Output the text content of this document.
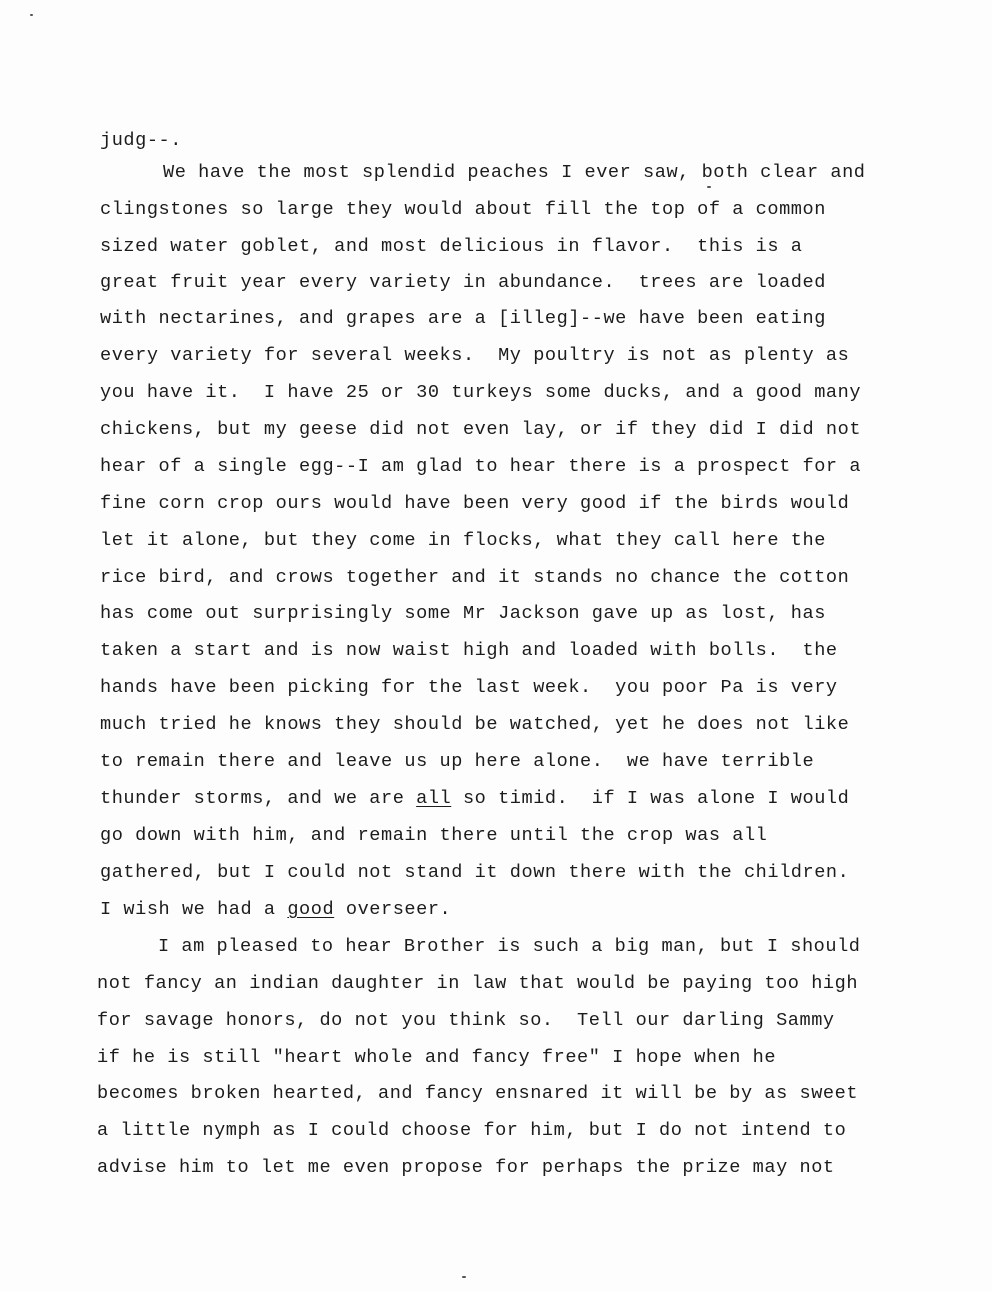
judg--.
We have the most splendid peaches I ever saw, both clear and
clingstones so large they would about fill the top of a common
sized water goblet, and most delicious in flavor.  this is a
great fruit year every variety in abundance.  trees are loaded
with nectarines, and grapes are a [illeg]--we have been eating
every variety for several weeks.  My poultry is not as plenty as
you have it.  I have 25 or 30 turkeys some ducks, and a good many
chickens, but my geese did not even lay, or if they did I did not
hear of a single egg--I am glad to hear there is a prospect for a
fine corn crop ours would have been very good if the birds would
let it alone, but they come in flocks, what they call here the
rice bird, and crows together and it stands no chance the cotton
has come out surprisingly some Mr Jackson gave up as lost, has
taken a start and is now waist high and loaded with bolls.  the
hands have been picking for the last week.  you poor Pa is very
much tried he knows they should be watched, yet he does not like
to remain there and leave us up here alone.  we have terrible
thunder storms, and we are all so timid.  if I was alone I would
go down with him, and remain there until the crop was all
gathered, but I could not stand it down there with the children.
I wish we had a good overseer.
I am pleased to hear Brother is such a big man, but I should
not fancy an indian daughter in law that would be paying too high
for savage honors, do not you think so.  Tell our darling Sammy
if he is still "heart whole and fancy free" I hope when he
becomes broken hearted, and fancy ensnared it will be by as sweet
a little nymph as I could choose for him, but I do not intend to
advise him to let me even propose for perhaps the prize may not
